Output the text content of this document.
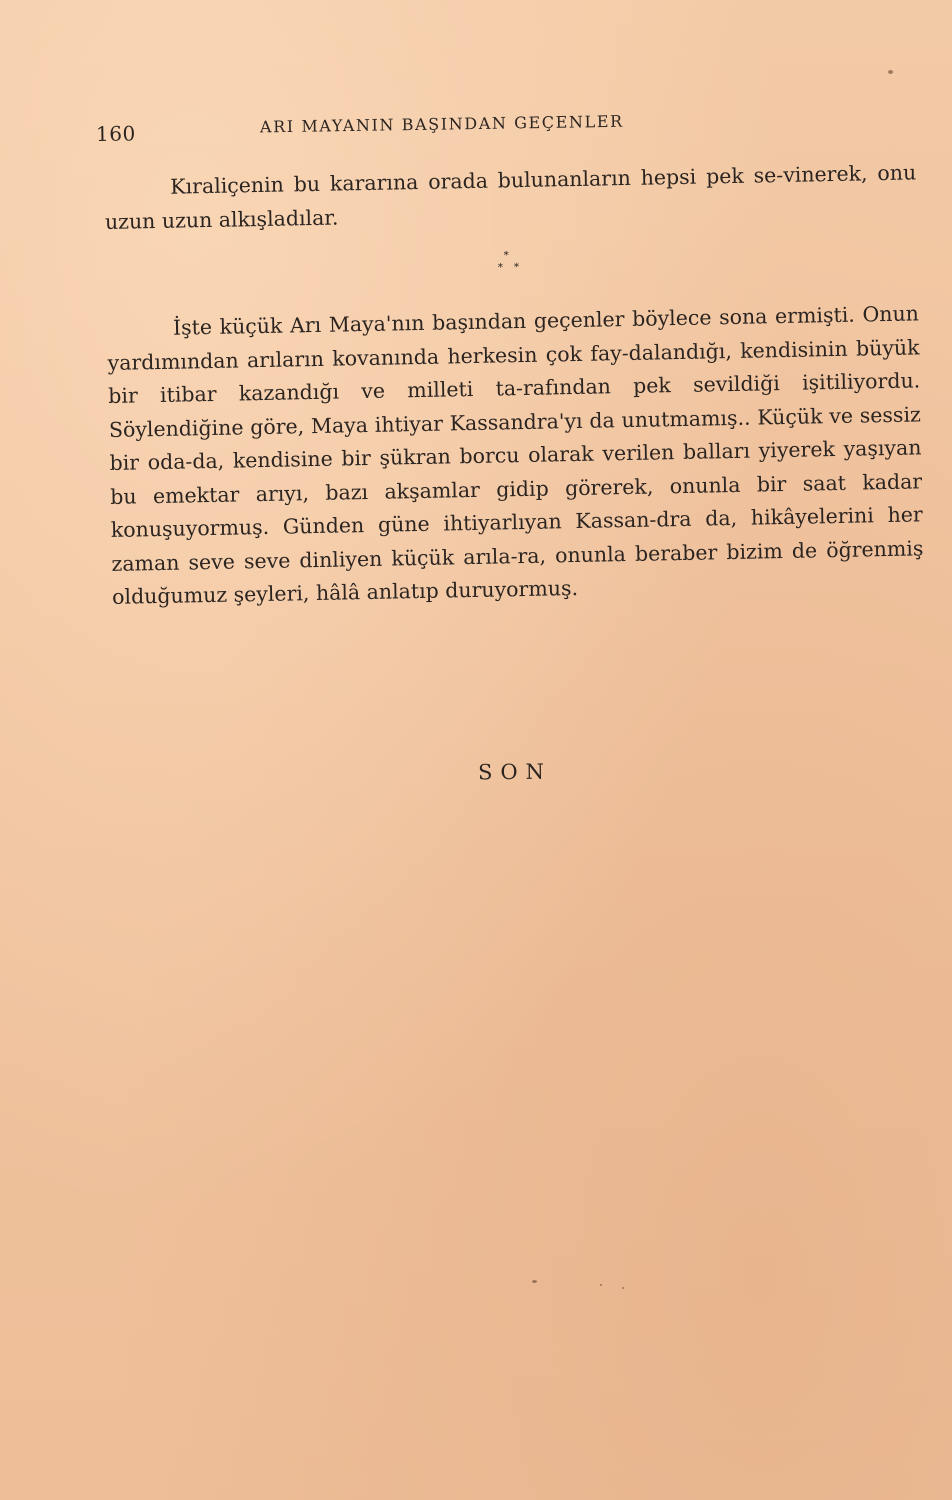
160	ARI MAYANIN BAŞINDAN GEÇENLER

Kıraliçenin bu kararına orada bulunanların hepsi pek se-vinerek, onu uzun uzun alkışladılar.

*
* *

İşte küçük Arı Maya'nın başından geçenler böylece sona ermişti. Onun yardımından arıların kovanında herkesin çok fay-dalandığı, kendisinin büyük bir itibar kazandığı ve milleti ta-rafından pek sevildiği işitiliyordu. Söylendiğine göre, Maya ihtiyar Kassandra'yı da unutmamış.. Küçük ve sessiz bir oda-da, kendisine bir şükran borcu olarak verilen balları yiyerek yaşıyan bu emektar arıyı, bazı akşamlar gidip görerek, onunla bir saat kadar konuşuyormuş. Günden güne ihtiyarlıyan Kassan-dra da, hikâyelerini her zaman seve seve dinliyen küçük arıla-ra, onunla beraber bizim de öğrenmiş olduğumuz şeyleri, hâlâ anlatıp duruyormuş.

SON
